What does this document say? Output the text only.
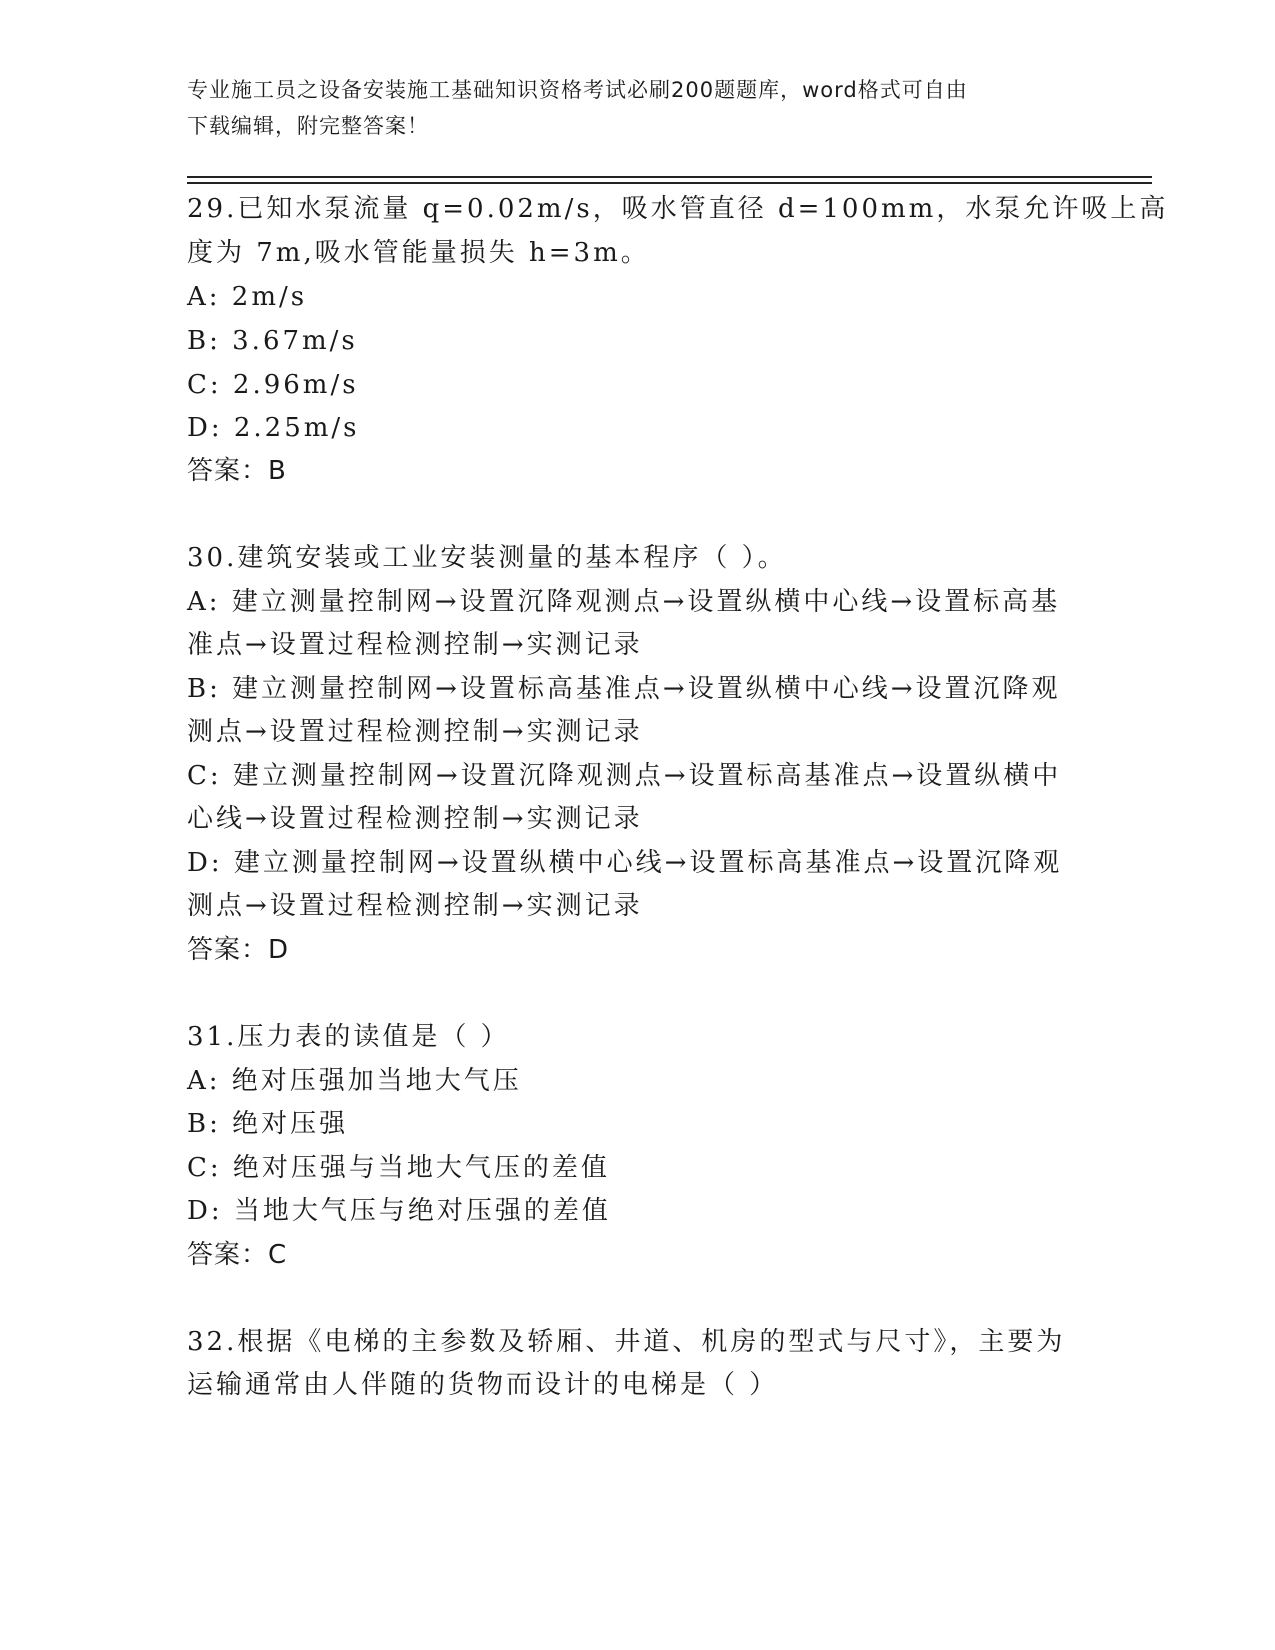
专业施工员之设备安装施工基础知识资格考试必刷200题题库，word格式可自由
下载编辑，附完整答案！
29.已知水泵流量 q=0.02m/s，吸水管直径 d=100mm，水泵允许吸上高
度为 7m,吸水管能量损失 h=3m。
A: 2m/s
B: 3.67m/s
C: 2.96m/s
D: 2.25m/s
答案：B
30.建筑安装或工业安装测量的基本程序（ ）。
A: 建立测量控制网→设置沉降观测点→设置纵横中心线→设置标高基
准点→设置过程检测控制→实测记录
B: 建立测量控制网→设置标高基准点→设置纵横中心线→设置沉降观
测点→设置过程检测控制→实测记录
C: 建立测量控制网→设置沉降观测点→设置标高基准点→设置纵横中
心线→设置过程检测控制→实测记录
D: 建立测量控制网→设置纵横中心线→设置标高基准点→设置沉降观
测点→设置过程检测控制→实测记录
答案：D
31.压力表的读值是（ ）
A: 绝对压强加当地大气压
B: 绝对压强
C: 绝对压强与当地大气压的差值
D: 当地大气压与绝对压强的差值
答案：C
32.根据《电梯的主参数及轿厢、井道、机房的型式与尺寸》，主要为
运输通常由人伴随的货物而设计的电梯是（ ）
